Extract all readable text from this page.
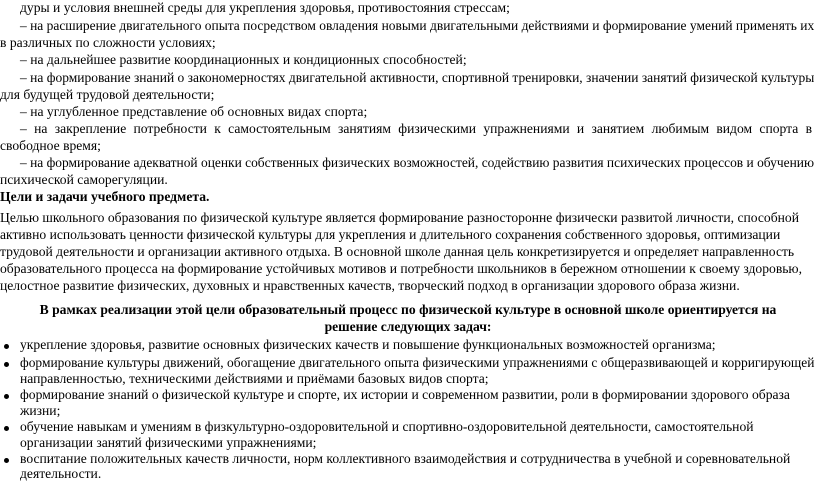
дуры и условия внешней среды для укрепления здоровья, противостояния стрессам;
– на расширение двигательного опыта посредством овладения новыми двигательными действиями и формирование умений применять их
в различных по сложности условиях;
– на дальнейшее развитие координационных и кондиционных способностей;
– на формирование знаний о закономерностях двигательной активности, спортивной тренировки, значении занятий физической культуры
для будущей трудовой деятельности;
– на углубленное представление об основных видах спорта;
– на закрепление потребности к самостоятельным занятиям физическими упражнениями и занятием любимым видом спорта в
свободное время;
– на формирование адекватной оценки собственных физических возможностей, содействию развития психических процессов и обучению
психической саморегуляции.
Цели и задачи учебного предмета.
Целью школьного образования по физической культуре является формирование разносторонне физически развитой личности, способной
активно использовать ценности физической культуры для укрепления и длительного сохранения собственного здоровья, оптимизации
трудовой деятельности и организации активного отдыха. В основной школе данная цель конкретизируется и определяет направленность
образовательного процесса на формирование устойчивых мотивов и потребности школьников в бережном отношении к своему здоровью,
целостное развитие физических, духовных и нравственных качеств, творческий подход в организации здорового образа жизни.
В рамках реализации этой цели образовательный процесс по физической культуре в основной школе ориентируется на
решение следующих задач:
укрепление здоровья, развитие основных физических качеств и повышение функциональных возможностей организма;
формирование культуры движений, обогащение двигательного опыта физическими упражнениями с общеразвивающей и корригирующей
направленностью, техническими действиями и приёмами базовых видов спорта;
формирование знаний о физической культуре и спорте, их истории и современном развитии, роли в формировании здорового образа
жизни;
обучение навыкам и умениям в физкультурно-оздоровительной и спортивно-оздоровительной деятельности, самостоятельной
организации занятий физическими упражнениями;
воспитание положительных качеств личности, норм коллективного взаимодействия и сотрудничества в учебной и соревновательной
деятельности.
